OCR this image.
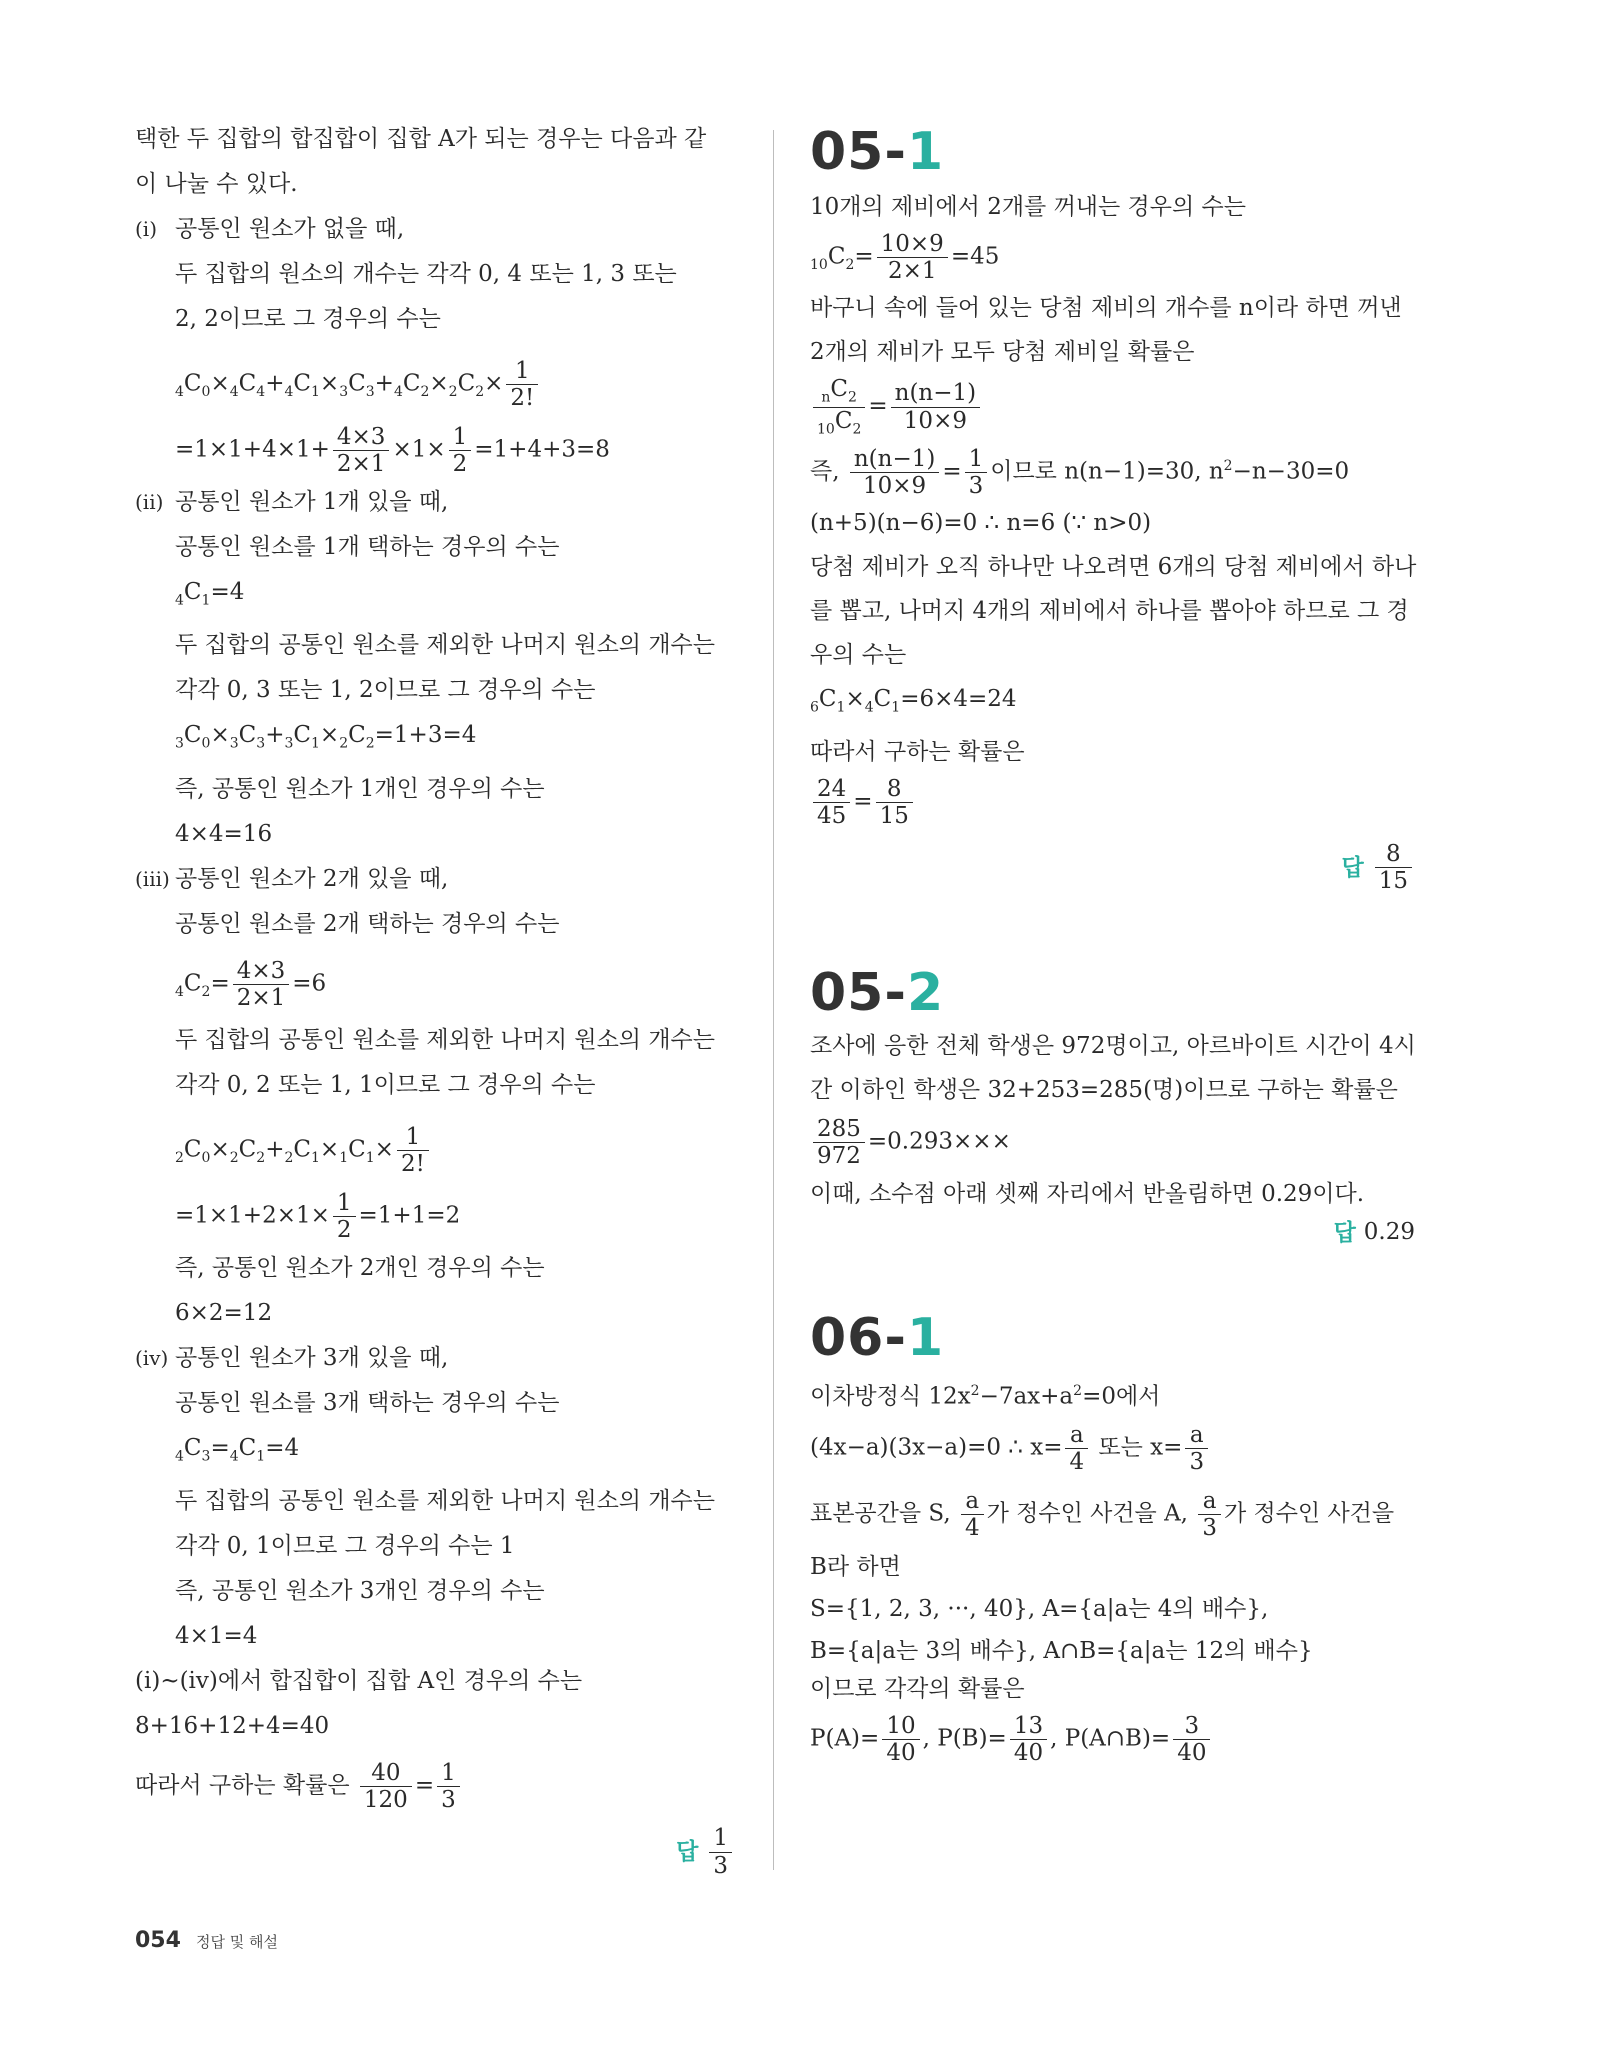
택한 두 집합의 합집합이 집합 A가 되는 경우는 다음과 같
이 나눌 수 있다.
(i) 공통인 원소가 없을 때,
두 집합의 원소의 개수는 각각 0, 4 또는 1, 3 또는
2, 2이므로 그 경우의 수는
$_4C_0\times_4C_4+_4C_1\times_3C_3+_4C_2\times_2C_2\times \frac{1}{2!}$
$=1\times 1+4\times 1+ \frac{4\times 3}{2\times 1} \times 1\times \frac{1}{2} =1+4+3=8$
(ii) 공통인 원소가 1개 있을 때,
공통인 원소를 1개 택하는 경우의 수는
$_4C_1=4$
두 집합의 공통인 원소를 제외한 나머지 원소의 개수는
각각 0, 3 또는 1, 2이므로 그 경우의 수는
$_3C_0\times_3C_3+_3C_1\times_2C_2=1+3=4$
즉, 공통인 원소가 1개인 경우의 수는
4×4=16
(iii) 공통인 원소가 2개 있을 때,
공통인 원소를 2개 택하는 경우의 수는
$_4C_2= \frac{4\times 3}{2\times 1} =6$
두 집합의 공통인 원소를 제외한 나머지 원소의 개수는
각각 0, 2 또는 1, 1이므로 그 경우의 수는
$_2C_0\times_2C_2+_2C_1\times_1C_1\times \frac{1}{2!}$
$=1\times 1+2\times 1\times \frac{1}{2} =1+1=2$
즉, 공통인 원소가 2개인 경우의 수는
6×2=12
(iv) 공통인 원소가 3개 있을 때,
공통인 원소를 3개 택하는 경우의 수는
$_4C_3=_4C_1=4$
두 집합의 공통인 원소를 제외한 나머지 원소의 개수는
각각 0, 1이므로 그 경우의 수는 1
즉, 공통인 원소가 3개인 경우의 수는
4×1=4
(i)~(iv)에서 합집합이 집합 A인 경우의 수는
8+16+12+4=40
따라서 구하는 확률은 $\frac{40}{120} = \frac{1}{3}$
답 $\frac{1}{3}$
05-1
10개의 제비에서 2개를 꺼내는 경우의 수는
$_{10}C_2= \frac{10\times 9}{2\times 1} =45$
바구니 속에 들어 있는 당첨 제비의 개수를 n이라 하면 꺼낸
2개의 제비가 모두 당첨 제비일 확률은
$\frac{_nC_2}{_{10}C_2} = \frac{n(n-1)}{10\times 9}$
즉, $\frac{n(n-1)}{10\times 9} = \frac{1}{3}$ 이므로 n(n−1)=30, $n^2-n-30=0$
(n+5)(n−6)=0 ∴ n=6 (∵ n>0)
당첨 제비가 오직 하나만 나오려면 6개의 당첨 제비에서 하나
를 뽑고, 나머지 4개의 제비에서 하나를 뽑아야 하므로 그 경
우의 수는
$_6C_1\times_4C_1=6\times 4=24$
따라서 구하는 확률은
$\frac{24}{45} = \frac{8}{15}$
답 $\frac{8}{15}$
05-2
조사에 응한 전체 학생은 972명이고, 아르바이트 시간이 4시
간 이하인 학생은 32+253=285(명)이므로 구하는 확률은
$\frac{285}{972} =0.293\times\times\times$
이때, 소수점 아래 셋째 자리에서 반올림하면 0.29이다.
답 0.29
06-1
이차방정식 $12x^2-7ax+a^2=0$에서
(4x−a)(3x−a)=0 ∴ $x= \frac{a}{4}$ 또는 $x= \frac{a}{3}$
표본공간을 S, $\frac{a}{4}$ 가 정수인 사건을 A, $\frac{a}{3}$ 가 정수인 사건을
B라 하면
S={1, 2, 3, ···, 40}, A={a|a는 4의 배수},
B={a|a는 3의 배수}, A∩B={a|a는 12의 배수}
이므로 각각의 확률은
$P(A)= \frac{10}{40}$ , $P(B)= \frac{13}{40}$ , P(A∩B)= $\frac{3}{40}$
054 정답 및 해설
